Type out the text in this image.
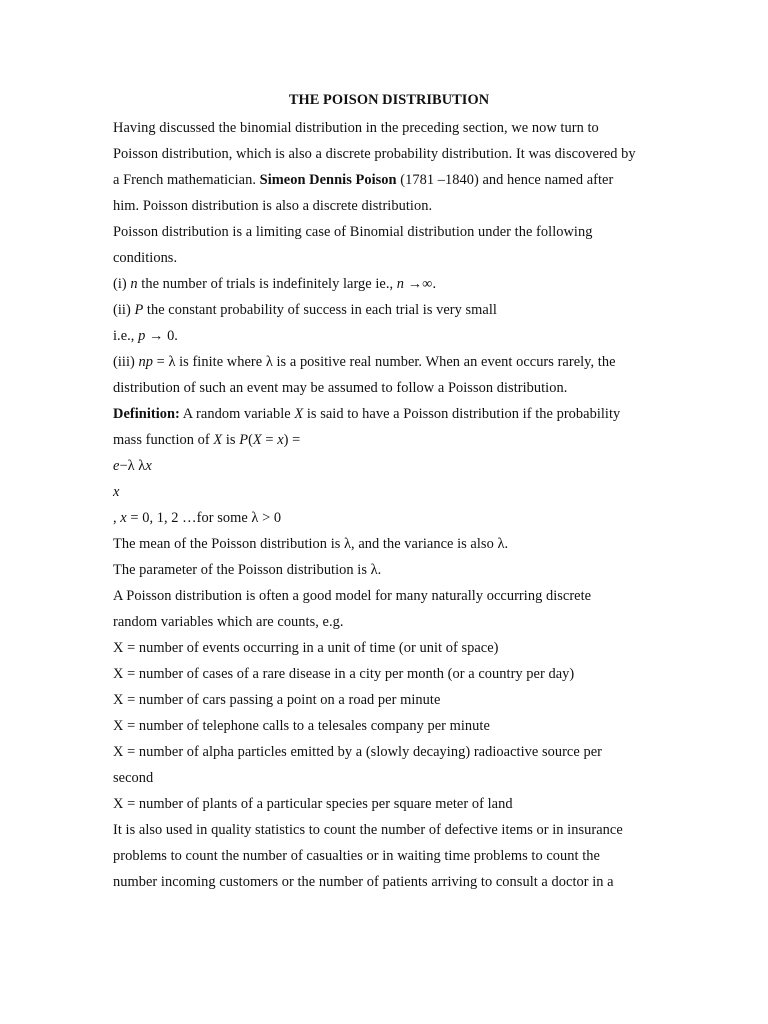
THE POISON DISTRIBUTION
Having discussed the binomial distribution in the preceding section, we now turn to
Poisson distribution, which is also a discrete probability distribution. It was discovered by
a French mathematician. Simeon Dennis Poison (1781 –1840) and hence named after
him. Poisson distribution is also a discrete distribution.
Poisson distribution is a limiting case of Binomial distribution under the following
conditions.
(i) n the number of trials is indefinitely large ie., n →∞.
(ii) P the constant probability of success in each trial is very small
i.e., p → 0.
(iii) np = λ is finite where λ is a positive real number. When an event occurs rarely, the
distribution of such an event may be assumed to follow a Poisson distribution.
Definition: A random variable X is said to have a Poisson distribution if the probability
mass function of X is P(X = x) =
e−λ λx
x
, x = 0, 1, 2 …for some λ > 0
The mean of the Poisson distribution is λ, and the variance is also λ.
The parameter of the Poisson distribution is λ.
A Poisson distribution is often a good model for many naturally occurring discrete
random variables which are counts, e.g.
X = number of events occurring in a unit of time (or unit of space)
X = number of cases of a rare disease in a city per month (or a country per day)
X = number of cars passing a point on a road per minute
X = number of telephone calls to a telesales company per minute
X = number of alpha particles emitted by a (slowly decaying) radioactive source per
second
X = number of plants of a particular species per square meter of land
It is also used in quality statistics to count the number of defective items or in insurance
problems to count the number of casualties or in waiting time problems to count the
number incoming customers or the number of patients arriving to consult a doctor in a
